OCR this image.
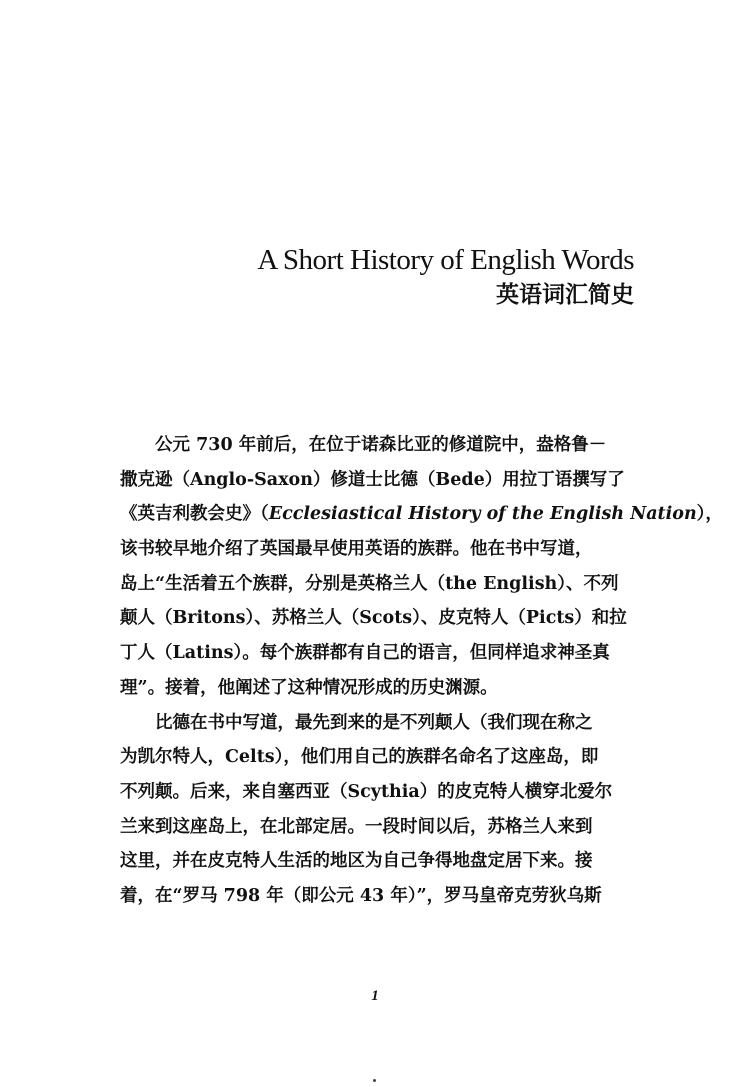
A Short History of English Words
英语词汇简史
　　公元 730 年前后，在位于诺森比亚的修道院中，盎格鲁－
撒克逊（Anglo-Saxon）修道士比德（Bede）用拉丁语撰写了
《英吉利教会史》（Ecclesiastical History of the English Nation），
该书较早地介绍了英国最早使用英语的族群。他在书中写道，
岛上“生活着五个族群，分别是英格兰人（the English）、不列
颠人（Britons）、苏格兰人（Scots）、皮克特人（Picts）和拉
丁人（Latins）。每个族群都有自己的语言，但同样追求神圣真
理”。接着，他阐述了这种情况形成的历史渊源。
　　比德在书中写道，最先到来的是不列颠人（我们现在称之
为凯尔特人，Celts），他们用自己的族群名命名了这座岛，即
不列颠。后来，来自塞西亚（Scythia）的皮克特人横穿北爱尔
兰来到这座岛上，在北部定居。一段时间以后，苏格兰人来到
这里，并在皮克特人生活的地区为自己争得地盘定居下来。接
着，在“罗马 798 年（即公元 43 年）”，罗马皇帝克劳狄乌斯
1
